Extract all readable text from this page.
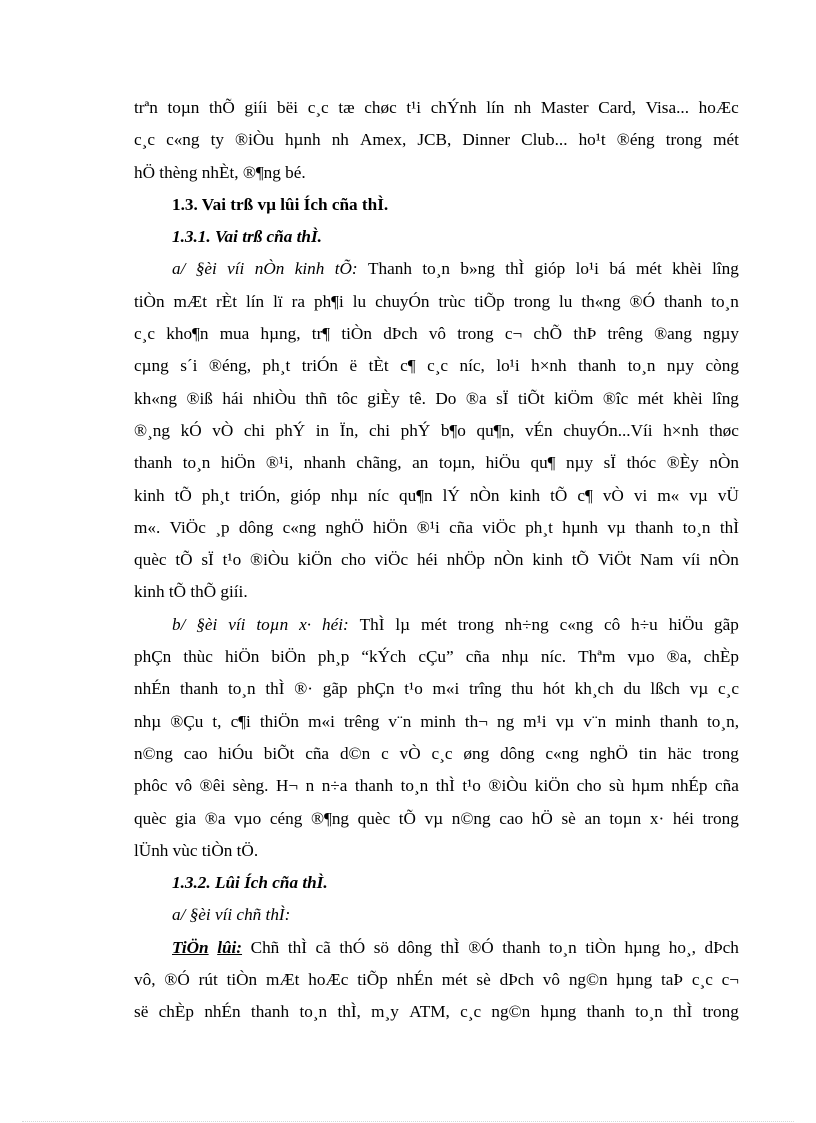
trªn toµn thÕ giíi bëi c¸c tæ chøc t¹i chÝnh lín nh Master Card, Visa... hoÆc
c¸c c«ng ty ®iÒu hµnh nh Amex, JCB, Dinner Club... ho¹t ®éng trong mét
hÖ thèng nhÈt, ®¶ng bé.
1.3. Vai trß vµ lûi Ích cña thÌ.
1.3.1. Vai trß cña thÌ.
a/ §èi víi nÒn kinh tÕ: Thanh to¸n b»ng thÌ gióp lo¹i bá mét khèi lîng
tiÒn mÆt rÈt lín lï ra ph¶i lu chuyÓn trùc tiÕp trong lu th«ng ®Ó thanh to¸n
c¸c kho¶n mua hµng, tr¶ tiÒn dÞch vô trong c¬ chÕ thÞ trêng ®ang ngµy
cµng s´i ®éng, ph¸t triÓn ë tÈt c¶ c¸c níc, lo¹i h×nh thanh to¸n nµy còng
kh«ng ®iß hái nhiÒu thñ tôc giÈy tê. Do ®a sÏ tiÕt kiÖm ®îc mét khèi lîng
®¸ng kÓ vÒ chi phÝ in Ïn, chi phÝ b¶o qu¶n, vÉn chuyÓn...Víi h×nh thøc
thanh to¸n hiÖn ®¹i, nhanh chãng, an toµn, hiÖu qu¶ nµy sÏ thóc ®Èy nÒn
kinh tÕ ph¸t triÓn, gióp nhµ níc qu¶n lÝ nÒn kinh tÕ c¶ vÒ vi m« vµ vÜ
m«. ViÖc ¸p dông c«ng nghÖ hiÖn ®¹i cña viÖc ph¸t hµnh vµ thanh to¸n thÌ
quèc tÕ sÏ t¹o ®iÒu kiÖn cho viÖc héi nhÖp nÒn kinh tÕ ViÖt Nam víi nÒn
kinh tÕ thÕ giíi.
b/ §èi víi toµn x· héi: ThÌ lµ mét trong nh÷ng c«ng cô h÷u hiÖu gãp
phÇn thùc hiÖn biÖn ph¸p “kÝch cÇu” cña nhµ níc. Thªm vµo ®a, chÈp
nhÉn thanh to¸n thÌ ®· gãp phÇn t¹o m«i trîng thu hót kh¸ch du lßch vµ c¸c
nhµ ®Çu t, c¶i thiÖn m«i trêng v¨n minh th¬ ng m¹i vµ v¨n minh thanh to¸n,
n©ng cao hiÓu biÕt cña d©n c vÒ c¸c øng dông c«ng nghÖ tin häc trong
phôc vô ®êi sèng. H¬ n n÷a thanh to¸n thÌ t¹o ®iÒu kiÖn cho sù hµm nhÉp cña
quèc gia ®a vµo céng ®¶ng quèc tÕ vµ n©ng cao hÖ sè an toµn x· héi trong
lÜnh vùc tiÒn tÖ.
1.3.2. Lûi Ích cña thÌ.
a/ §èi víi chñ thÌ:
TiÖn lûi: Chñ thÌ cã thÓ sö dông thÌ ®Ó thanh to¸n tiÒn hµng ho¸, dÞch
vô, ®Ó rút tiÒn mÆt hoÆc tiÕp nhÉn mét sè dÞch vô ng©n hµng taÞ c¸c c¬
së chÈp nhÉn thanh to¸n thÌ, m¸y ATM, c¸c ng©n hµng thanh to¸n thÌ trong
